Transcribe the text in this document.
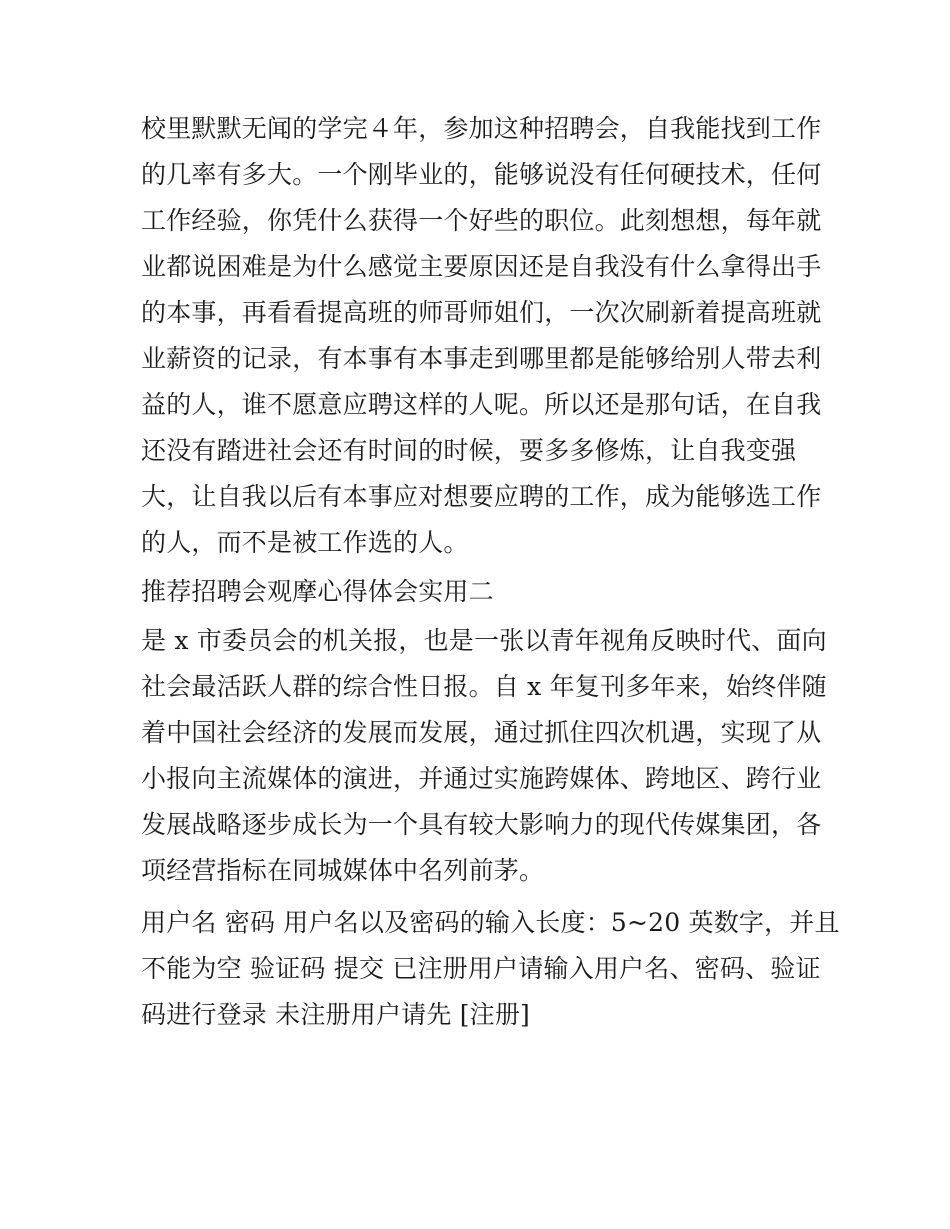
校里默默无闻的学完４年，参加这种招聘会，自我能找到工作
的几率有多大。一个刚毕业的，能够说没有任何硬技术，任何
工作经验，你凭什么获得一个好些的职位。此刻想想，每年就
业都说困难是为什么感觉主要原因还是自我没有什么拿得出手
的本事，再看看提高班的师哥师姐们，一次次刷新着提高班就
业薪资的记录，有本事有本事走到哪里都是能够给别人带去利
益的人，谁不愿意应聘这样的人呢。所以还是那句话，在自我
还没有踏进社会还有时间的时候，要多多修炼，让自我变强
大，让自我以后有本事应对想要应聘的工作，成为能够选工作
的人，而不是被工作选的人。
推荐招聘会观摩心得体会实用二
是 x 市委员会的机关报，也是一张以青年视角反映时代、面向
社会最活跃人群的综合性日报。自 x 年复刊多年来，始终伴随
着中国社会经济的发展而发展，通过抓住四次机遇，实现了从
小报向主流媒体的演进，并通过实施跨媒体、跨地区、跨行业
发展战略逐步成长为一个具有较大影响力的现代传媒集团，各
项经营指标在同城媒体中名列前茅。
用户名 密码 用户名以及密码的输入长度：5~20 英数字，并且
不能为空 验证码 提交 已注册用户请输入用户名、密码、验证
码进行登录 未注册用户请先 [注册]
